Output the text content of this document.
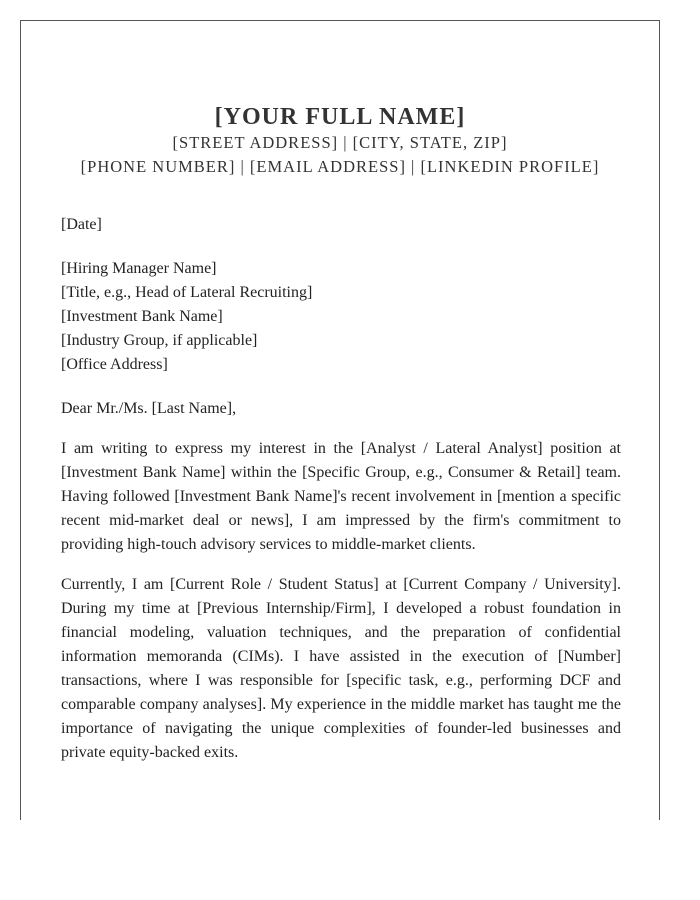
[YOUR FULL NAME]
[STREET ADDRESS] | [CITY, STATE, ZIP]
[PHONE NUMBER] | [EMAIL ADDRESS] | [LINKEDIN PROFILE]
[Date]
[Hiring Manager Name]
[Title, e.g., Head of Lateral Recruiting]
[Investment Bank Name]
[Industry Group, if applicable]
[Office Address]
Dear Mr./Ms. [Last Name],
I am writing to express my interest in the [Analyst / Lateral Analyst] position at [Investment Bank Name] within the [Specific Group, e.g., Consumer & Retail] team. Having followed [Investment Bank Name]'s recent involvement in [mention a specific recent mid-market deal or news], I am impressed by the firm's commitment to providing high-touch advisory services to middle-market clients.
Currently, I am [Current Role / Student Status] at [Current Company / University]. During my time at [Previous Internship/Firm], I developed a robust foundation in financial modeling, valuation techniques, and the preparation of confidential information memoranda (CIMs). I have assisted in the execution of [Number] transactions, where I was responsible for [specific task, e.g., performing DCF and comparable company analyses]. My experience in the middle market has taught me the importance of navigating the unique complexities of founder-led businesses and private equity-backed exits.
